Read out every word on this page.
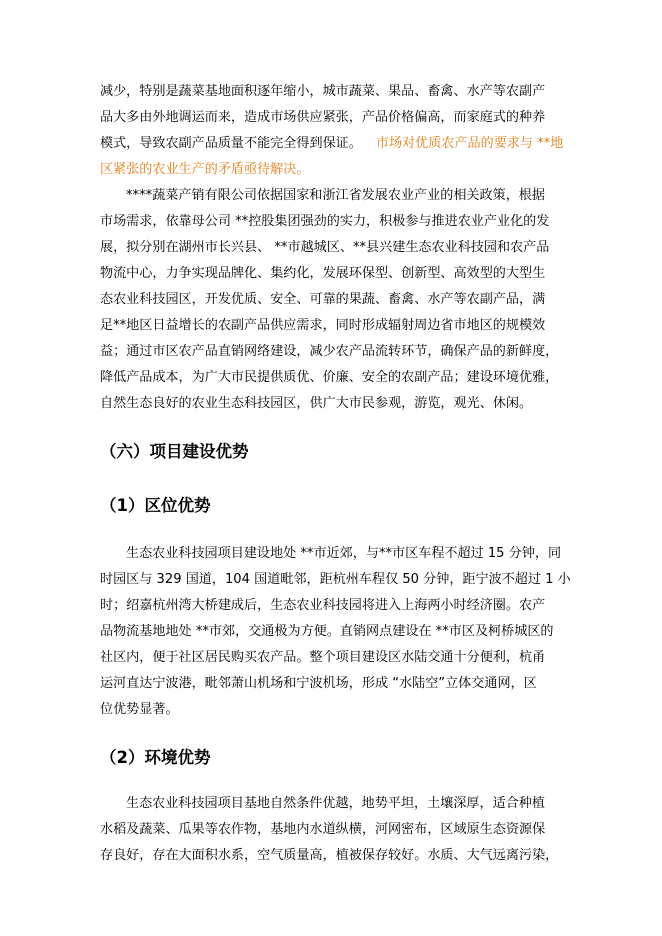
减少，特别是蔬菜基地面积逐年缩小，城市蔬菜、果品、畜禽、水产等农副产
品大多由外地调运而来，造成市场供应紧张，产品价格偏高，而家庭式的种养
模式，导致农副产品质量不能完全得到保证。 市场对优质农产品的要求与 **地
区紧张的农业生产的矛盾亟待解决。
****蔬菜产销有限公司依据国家和浙江省发展农业产业的相关政策，根据
市场需求，依靠母公司 **控股集团强劲的实力，积极参与推进农业产业化的发
展，拟分别在湖州市长兴县、 **市越城区、**县兴建生态农业科技园和农产品
物流中心，力争实现品牌化、集约化，发展环保型、创新型、高效型的大型生
态农业科技园区，开发优质、安全、可靠的果蔬、畜禽、水产等农副产品，满
足**地区日益增长的农副产品供应需求，同时形成辐射周边省市地区的规模效
益；通过市区农产品直销网络建设，减少农产品流转环节，确保产品的新鲜度，
降低产品成本，为广大市民提供质优、价廉、安全的农副产品；建设环境优雅，
自然生态良好的农业生态科技园区，供广大市民参观，游览，观光、休闲。
（六）项目建设优势
（1）区位优势
生态农业科技园项目建设地处 **市近郊，与**市区车程不超过 15 分钟，同
时园区与 329 国道，104 国道毗邻，距杭州车程仅 50 分钟，距宁波不超过 1 小
时；绍嘉杭州湾大桥建成后，生态农业科技园将进入上海两小时经济圈。农产
品物流基地地处 **市郊，交通极为方便。直销网点建设在 **市区及柯桥城区的
社区内，便于社区居民购买农产品。整个项目建设区水陆交通十分便利，杭甬
运河直达宁波港，毗邻萧山机场和宁波机场，形成 “水陆空”立体交通网，区
位优势显著。
（2）环境优势
生态农业科技园项目基地自然条件优越，地势平坦，土壤深厚，适合种植
水稻及蔬菜、瓜果等农作物，基地内水道纵横，河网密布，区域原生态资源保
存良好，存在大面积水系，空气质量高，植被保存较好。水质、大气远离污染，
